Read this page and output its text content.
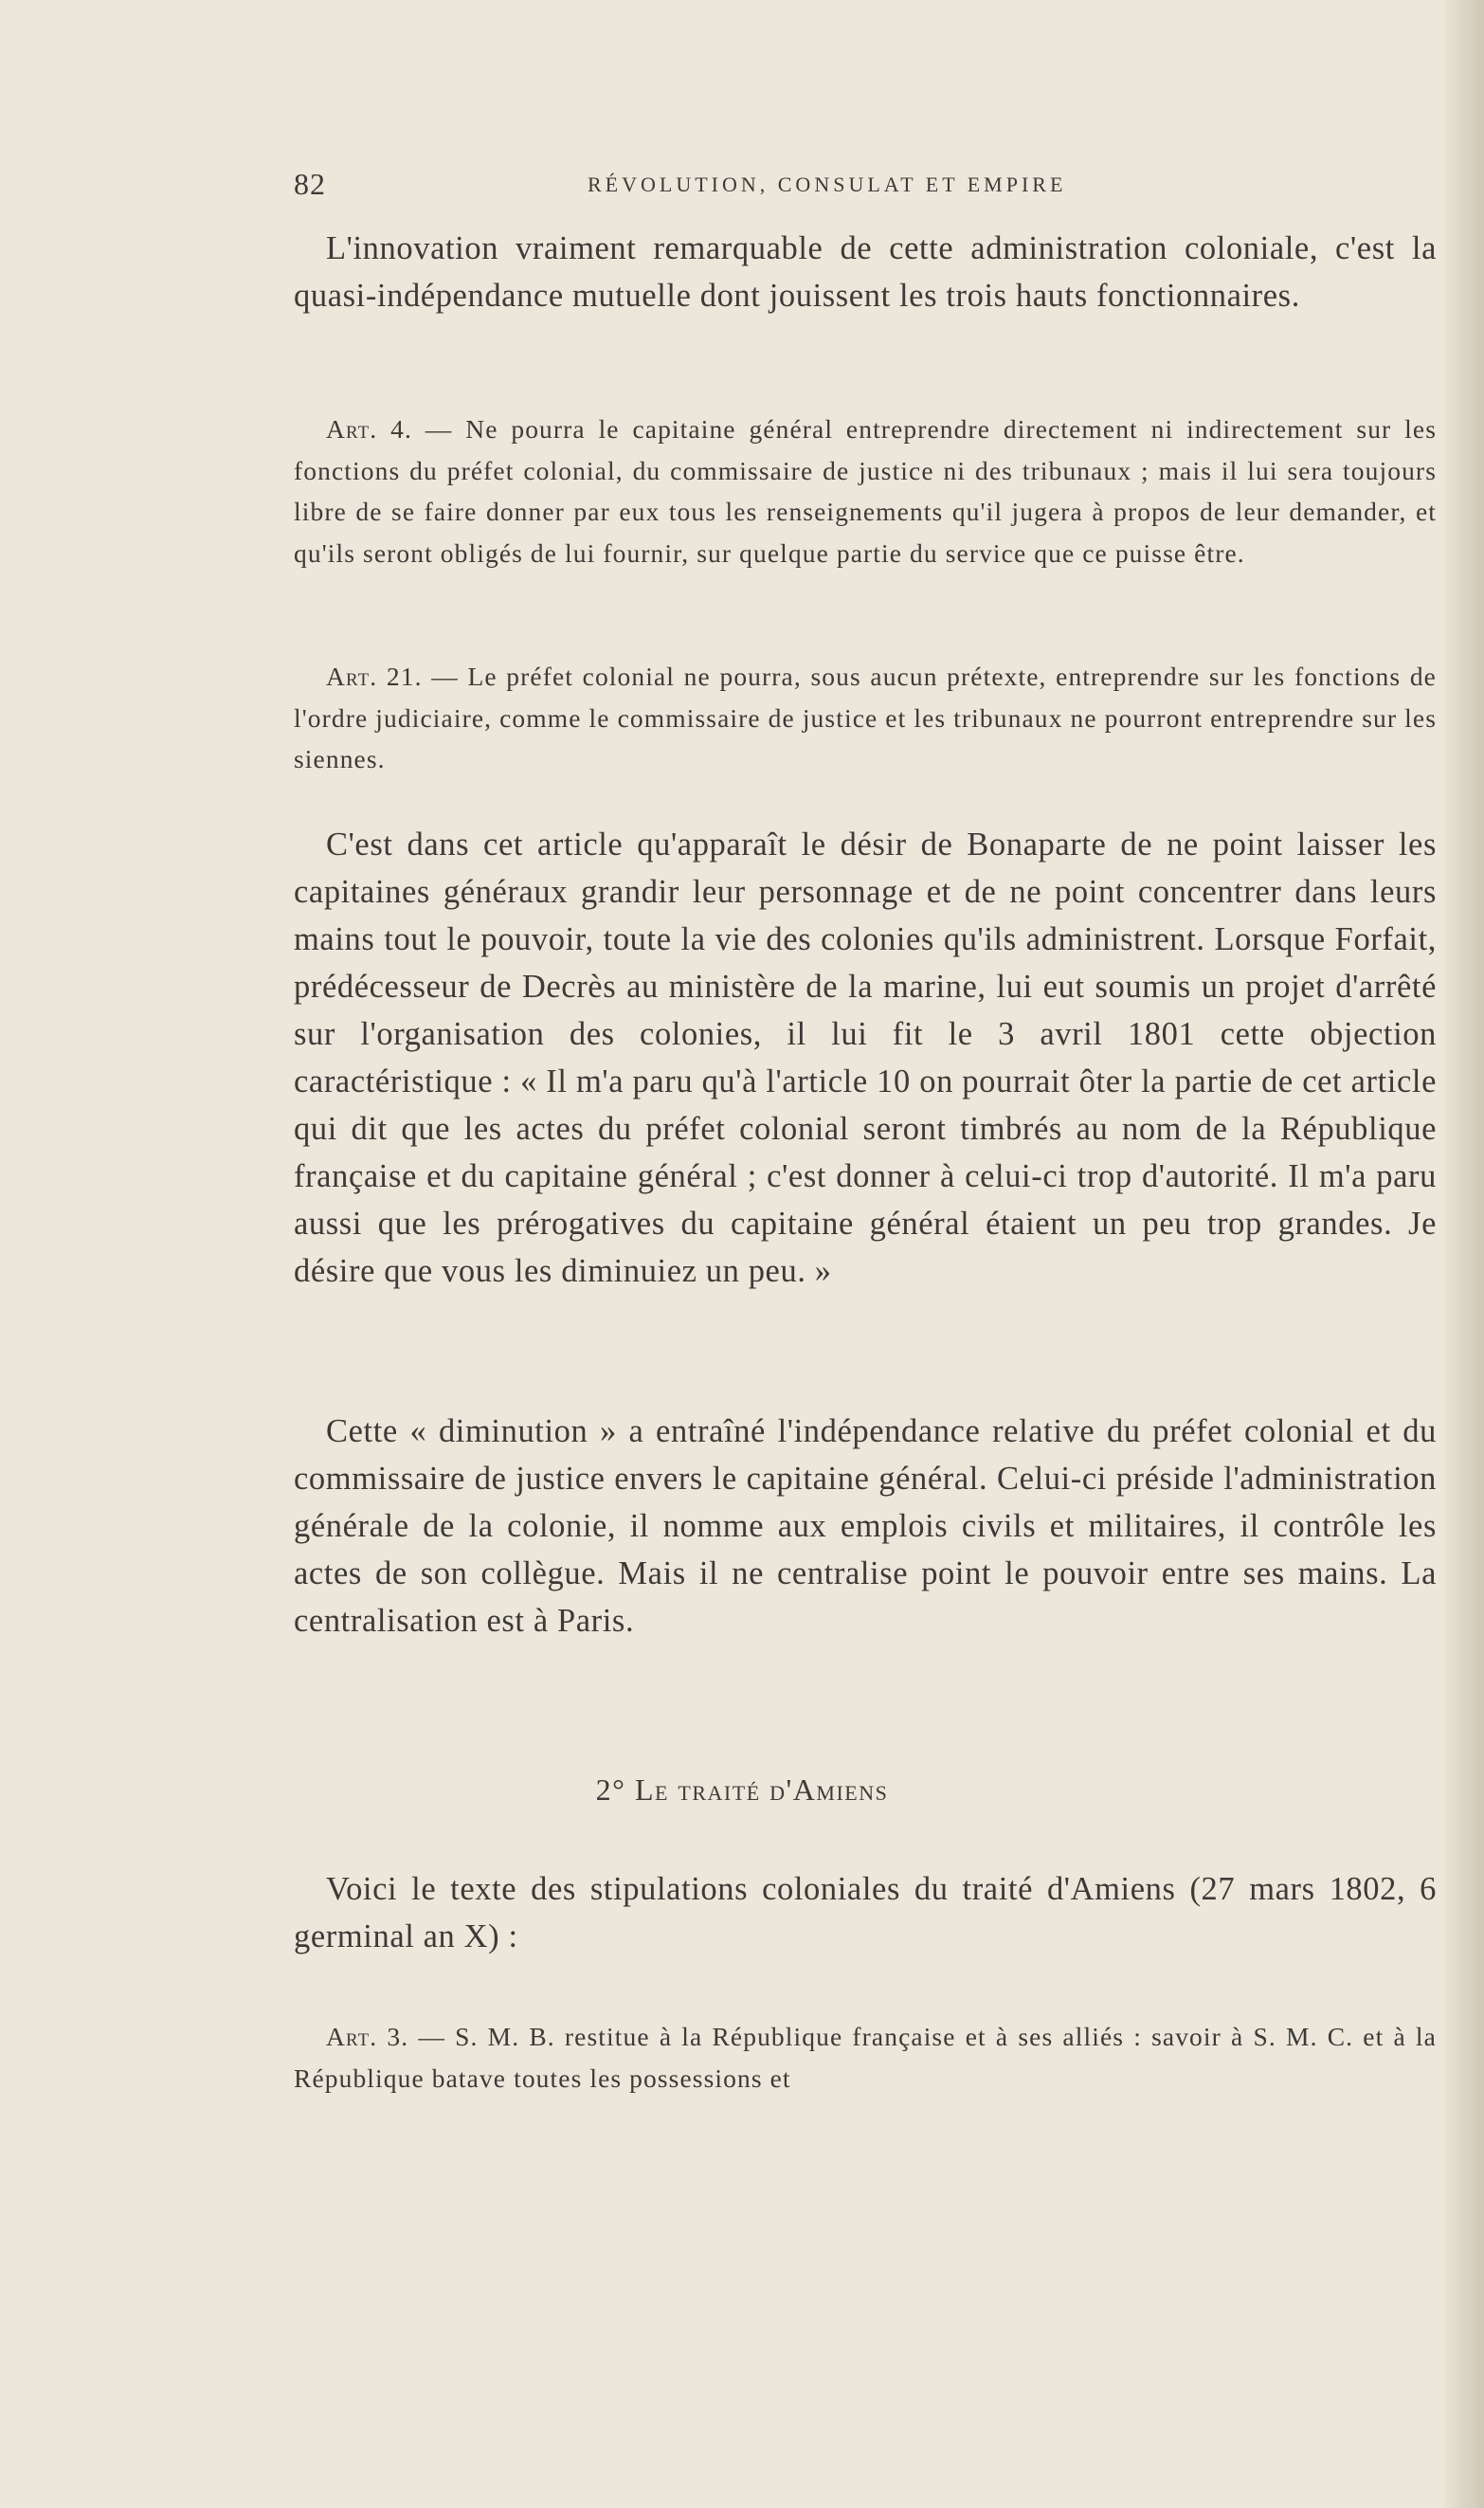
82	RÉVOLUTION, CONSULAT ET EMPIRE

L'innovation vraiment remarquable de cette administration coloniale, c'est la quasi-indépendance mutuelle dont jouissent les trois hauts fonctionnaires.

Art. 4. — Ne pourra le capitaine général entreprendre directement ni indirectement sur les fonctions du préfet colonial, du commissaire de justice ni des tribunaux ; mais il lui sera toujours libre de se faire donner par eux tous les renseignements qu'il jugera à propos de leur demander, et qu'ils seront obligés de lui fournir, sur quelque partie du service que ce puisse être.
Art. 21. — Le préfet colonial ne pourra, sous aucun prétexte, entreprendre sur les fonctions de l'ordre judiciaire, comme le commissaire de justice et les tribunaux ne pourront entreprendre sur les siennes.

C'est dans cet article qu'apparaît le désir de Bonaparte de ne point laisser les capitaines généraux grandir leur personnage et de ne point concentrer dans leurs mains tout le pouvoir, toute la vie des colonies qu'ils administrent. Lorsque Forfait, prédécesseur de Decrès au ministère de la marine, lui eut soumis un projet d'arrêté sur l'organisation des colonies, il lui fit le 3 avril 1801 cette objection caractéristique : « Il m'a paru qu'à l'article 10 on pourrait ôter la partie de cet article qui dit que les actes du préfet colonial seront timbrés au nom de la République française et du capitaine général ; c'est donner à celui-ci trop d'autorité. Il m'a paru aussi que les prérogatives du capitaine général étaient un peu trop grandes. Je désire que vous les diminuiez un peu. »

Cette « diminution » a entraîné l'indépendance relative du préfet colonial et du commissaire de justice envers le capitaine général. Celui-ci préside l'administration générale de la colonie, il nomme aux emplois civils et militaires, il contrôle les actes de son collègue. Mais il ne centralise point le pouvoir entre ses mains. La centralisation est à Paris.

2° Le traité d'Amiens

Voici le texte des stipulations coloniales du traité d'Amiens (27 mars 1802, 6 germinal an X) :

Art. 3. — S. M. B. restitue à la République française et à ses alliés : savoir à S. M. C. et à la République batave toutes les possessions et
